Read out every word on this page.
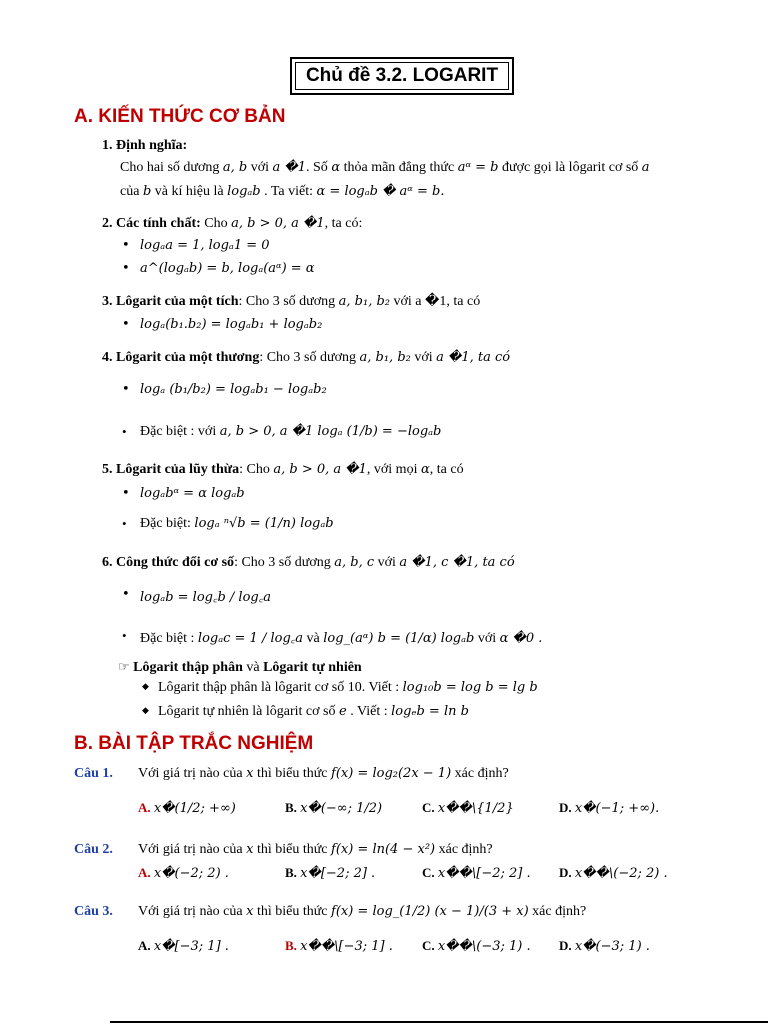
Chủ đề 3.2. LOGARIT
A. KIẾN THỨC CƠ BẢN
1. Định nghĩa:
Cho hai số dương a, b với a �1. Số α thỏa mãn đẳng thức aᵅ = b được gọi là lôgarit cơ số a
của b và kí hiệu là logₐb . Ta viết: α = logₐb � aᵅ = b.
2. Các tính chất: Cho a, b > 0, a �1, ta có:
• logₐa = 1, logₐ1 = 0
• a^(logₐb) = b, logₐ(aᵅ) = α
3. Lôgarit của một tích: Cho 3 số dương a, b₁, b₂ với a �1, ta có
• logₐ(b₁.b₂) = logₐb₁ + logₐb₂
4. Lôgarit của một thương: Cho 3 số dương a, b₁, b₂ với a �1, ta có
• logₐ (b₁/b₂) = logₐb₁ − logₐb₂
• Đặc biệt : với a, b > 0, a �1 logₐ (1/b) = −logₐb
5. Lôgarit của lũy thừa: Cho a, b > 0, a �1, với mọi α, ta có
• logₐbᵅ = α logₐb
• Đặc biệt: logₐ ⁿ√b = (1/n) logₐb
6. Công thức đổi cơ số: Cho 3 số dương a, b, c với a �1, c �1, ta có
• logₐb = log꜀b / log꜀a
• Đặc biệt : logₐc = 1 / log꜀a và log_(aᵅ) b = (1/α) logₐb với α �0 .
☞ Lôgarit thập phân và Lôgarit tự nhiên
◆ Lôgarit thập phân là lôgarit cơ số 10. Viết : log₁₀b = log b = lg b
◆ Lôgarit tự nhiên là lôgarit cơ số e . Viết : logₑb = ln b
B. BÀI TẬP TRẮC NGHIỆM
Câu 1. Với giá trị nào của x thì biểu thức f(x) = log₂(2x − 1) xác định?
A. x�(1/2; +∞)	B. x�(−∞; 1/2)	C. x��\{1/2}	D. x�(−1; +∞).
Câu 2. Với giá trị nào của x thì biểu thức f(x) = ln(4 − x²) xác định?
A. x�(−2; 2) .	B. x�[−2; 2] .	C. x��\[−2; 2] . D. x��\(−2; 2) .
Câu 3. Với giá trị nào của x thì biểu thức f(x) = log_(1/2) (x − 1)/(3 + x) xác định?
A. x�[−3; 1] .	B. x��\[−3; 1] . C. x��\(−3; 1) . D. x�(−3; 1) .
